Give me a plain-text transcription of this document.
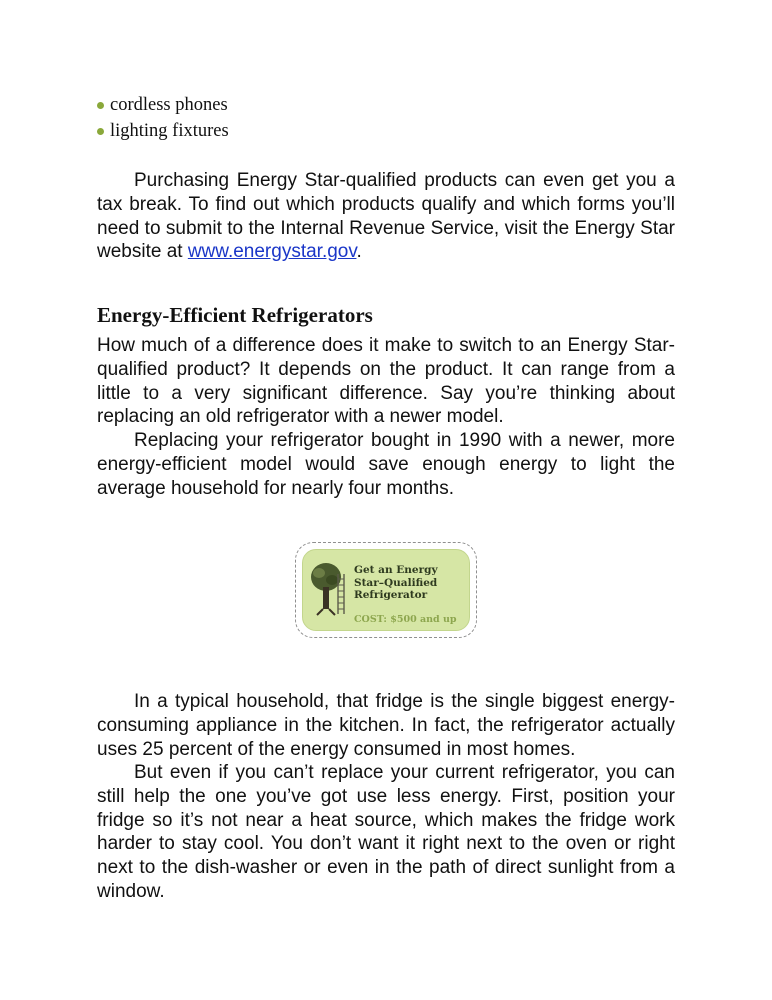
cordless phones
lighting fixtures

Purchasing Energy Star-qualified products can even get you a tax break. To find out which products qualify and which forms you’ll need to submit to the Internal Revenue Service, visit the Energy Star website at www.energystar.gov.

Energy-Efficient Refrigerators

How much of a difference does it make to switch to an Energy Star-qualified product? It depends on the product. It can range from a little to a very significant difference. Say you’re thinking about replacing an old refrigerator with a newer model.

Replacing your refrigerator bought in 1990 with a newer, more energy-efficient model would save enough energy to light the average household for nearly four months.

Get an Energy
Star–Qualified
Refrigerator
COST: $500 and up

In a typical household, that fridge is the single biggest energy-consuming appliance in the kitchen. In fact, the refrigerator actually uses 25 percent of the energy consumed in most homes.

But even if you can’t replace your current refrigerator, you can still help the one you’ve got use less energy. First, position your fridge so it’s not near a heat source, which makes the fridge work harder to stay cool. You don’t want it right next to the oven or right next to the dish-washer or even in the path of direct sunlight from a window.
